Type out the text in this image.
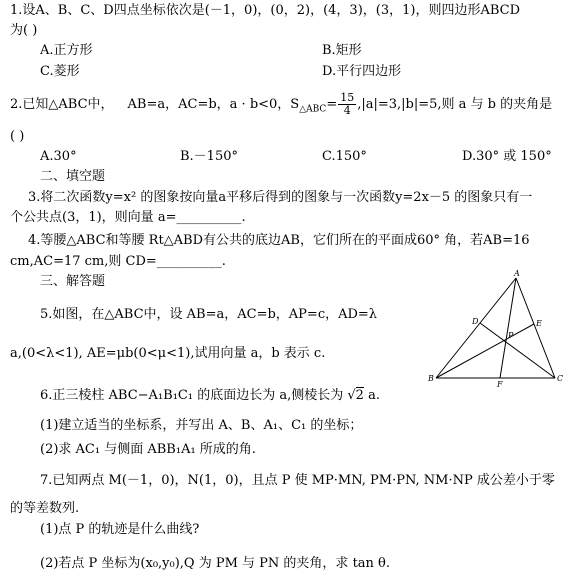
1.设A、B、C、D四点坐标依次是(－1，0)，(0，2)，(4，3)，(3，1)，则四边形ABCD
为( )
A.正方形	B.矩形
C.菱形	D.平行四边形
2.已知△ABC中， AB=a，AC=b，a · b<0，$S_{\triangle ABC}= \frac{15}{4} ,|a|=3,|b|=5$,则 a 与 b 的夹角是
( )
A.30°	B.－150°	C.150°	D.30° 或 150°
二、填空题
3.将二次函数y=x² 的图象按向量a平移后得到的图象与一次函数y=2x－5 的图象只有一
个公共点(3，1)，则向量 a=__________.
4.等腰△ABC和等腰 Rt△ABD有公共的底边AB，它们所在的平面成60° 角，若AB=16
cm,AC=17 cm,则 CD=__________.
三、解答题
5.如图，在△ABC中，设 AB=a，AC=b，AP=c，AD=λ
a,(0<λ<1), AE=μb(0<μ<1),试用向量 a，b 表示 c.
A
B	C
D	E
P
F
6.正三棱柱 ABC−A₁B₁C₁ 的底面边长为 a,侧棱长为 √2 a.
(1)建立适当的坐标系，并写出 A、B、A₁、C₁ 的坐标；
(2)求 AC₁ 与侧面 ABB₁A₁ 所成的角.
7.已知两点 M(－1，0)，N(1，0)，且点 P 使 MP·MN, PM·PN, NM·NP 成公差小于零
的等差数列.
(1)点 P 的轨迹是什么曲线?
(2)若点 P 坐标为(x₀,y₀),Q 为 PM 与 PN 的夹角，求 tan θ.
